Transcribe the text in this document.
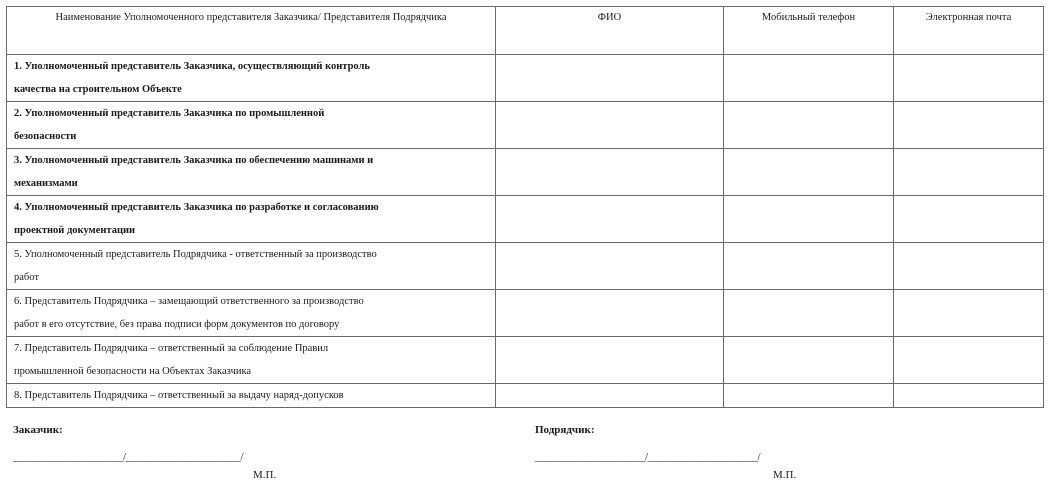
Наименование Уполномоченного представителя Заказчика/ Представителя Подрядчика	ФИО	Мобильный телефон	Электронная почта
1. Уполномоченный представитель Заказчика, осуществляющий контроль
качества на строительном Объекте			
2. Уполномоченный представитель Заказчика по промышленной
безопасности			
3. Уполномоченный представитель Заказчика по обеспечению машинами и
механизмами			
4. Уполномоченный представитель Заказчика по разработке и согласованию
проектной документации			
5. Уполномоченный представитель Подрядчика - ответственный за производство
работ			
6. Представитель Подрядчика – замещающий ответственного за производство
работ в его отсутствие, без права подписи форм документов по договору			
7. Представитель Подрядчика – ответственный за соблюдение Правил
промышленной безопасности на Объектах Заказчика			
8. Представитель Подрядчика – ответственный за выдачу наряд-допусков			
Заказчик:
______________________/_______________________/
М.П.
Подрядчик:
______________________/______________________/
М.П.
